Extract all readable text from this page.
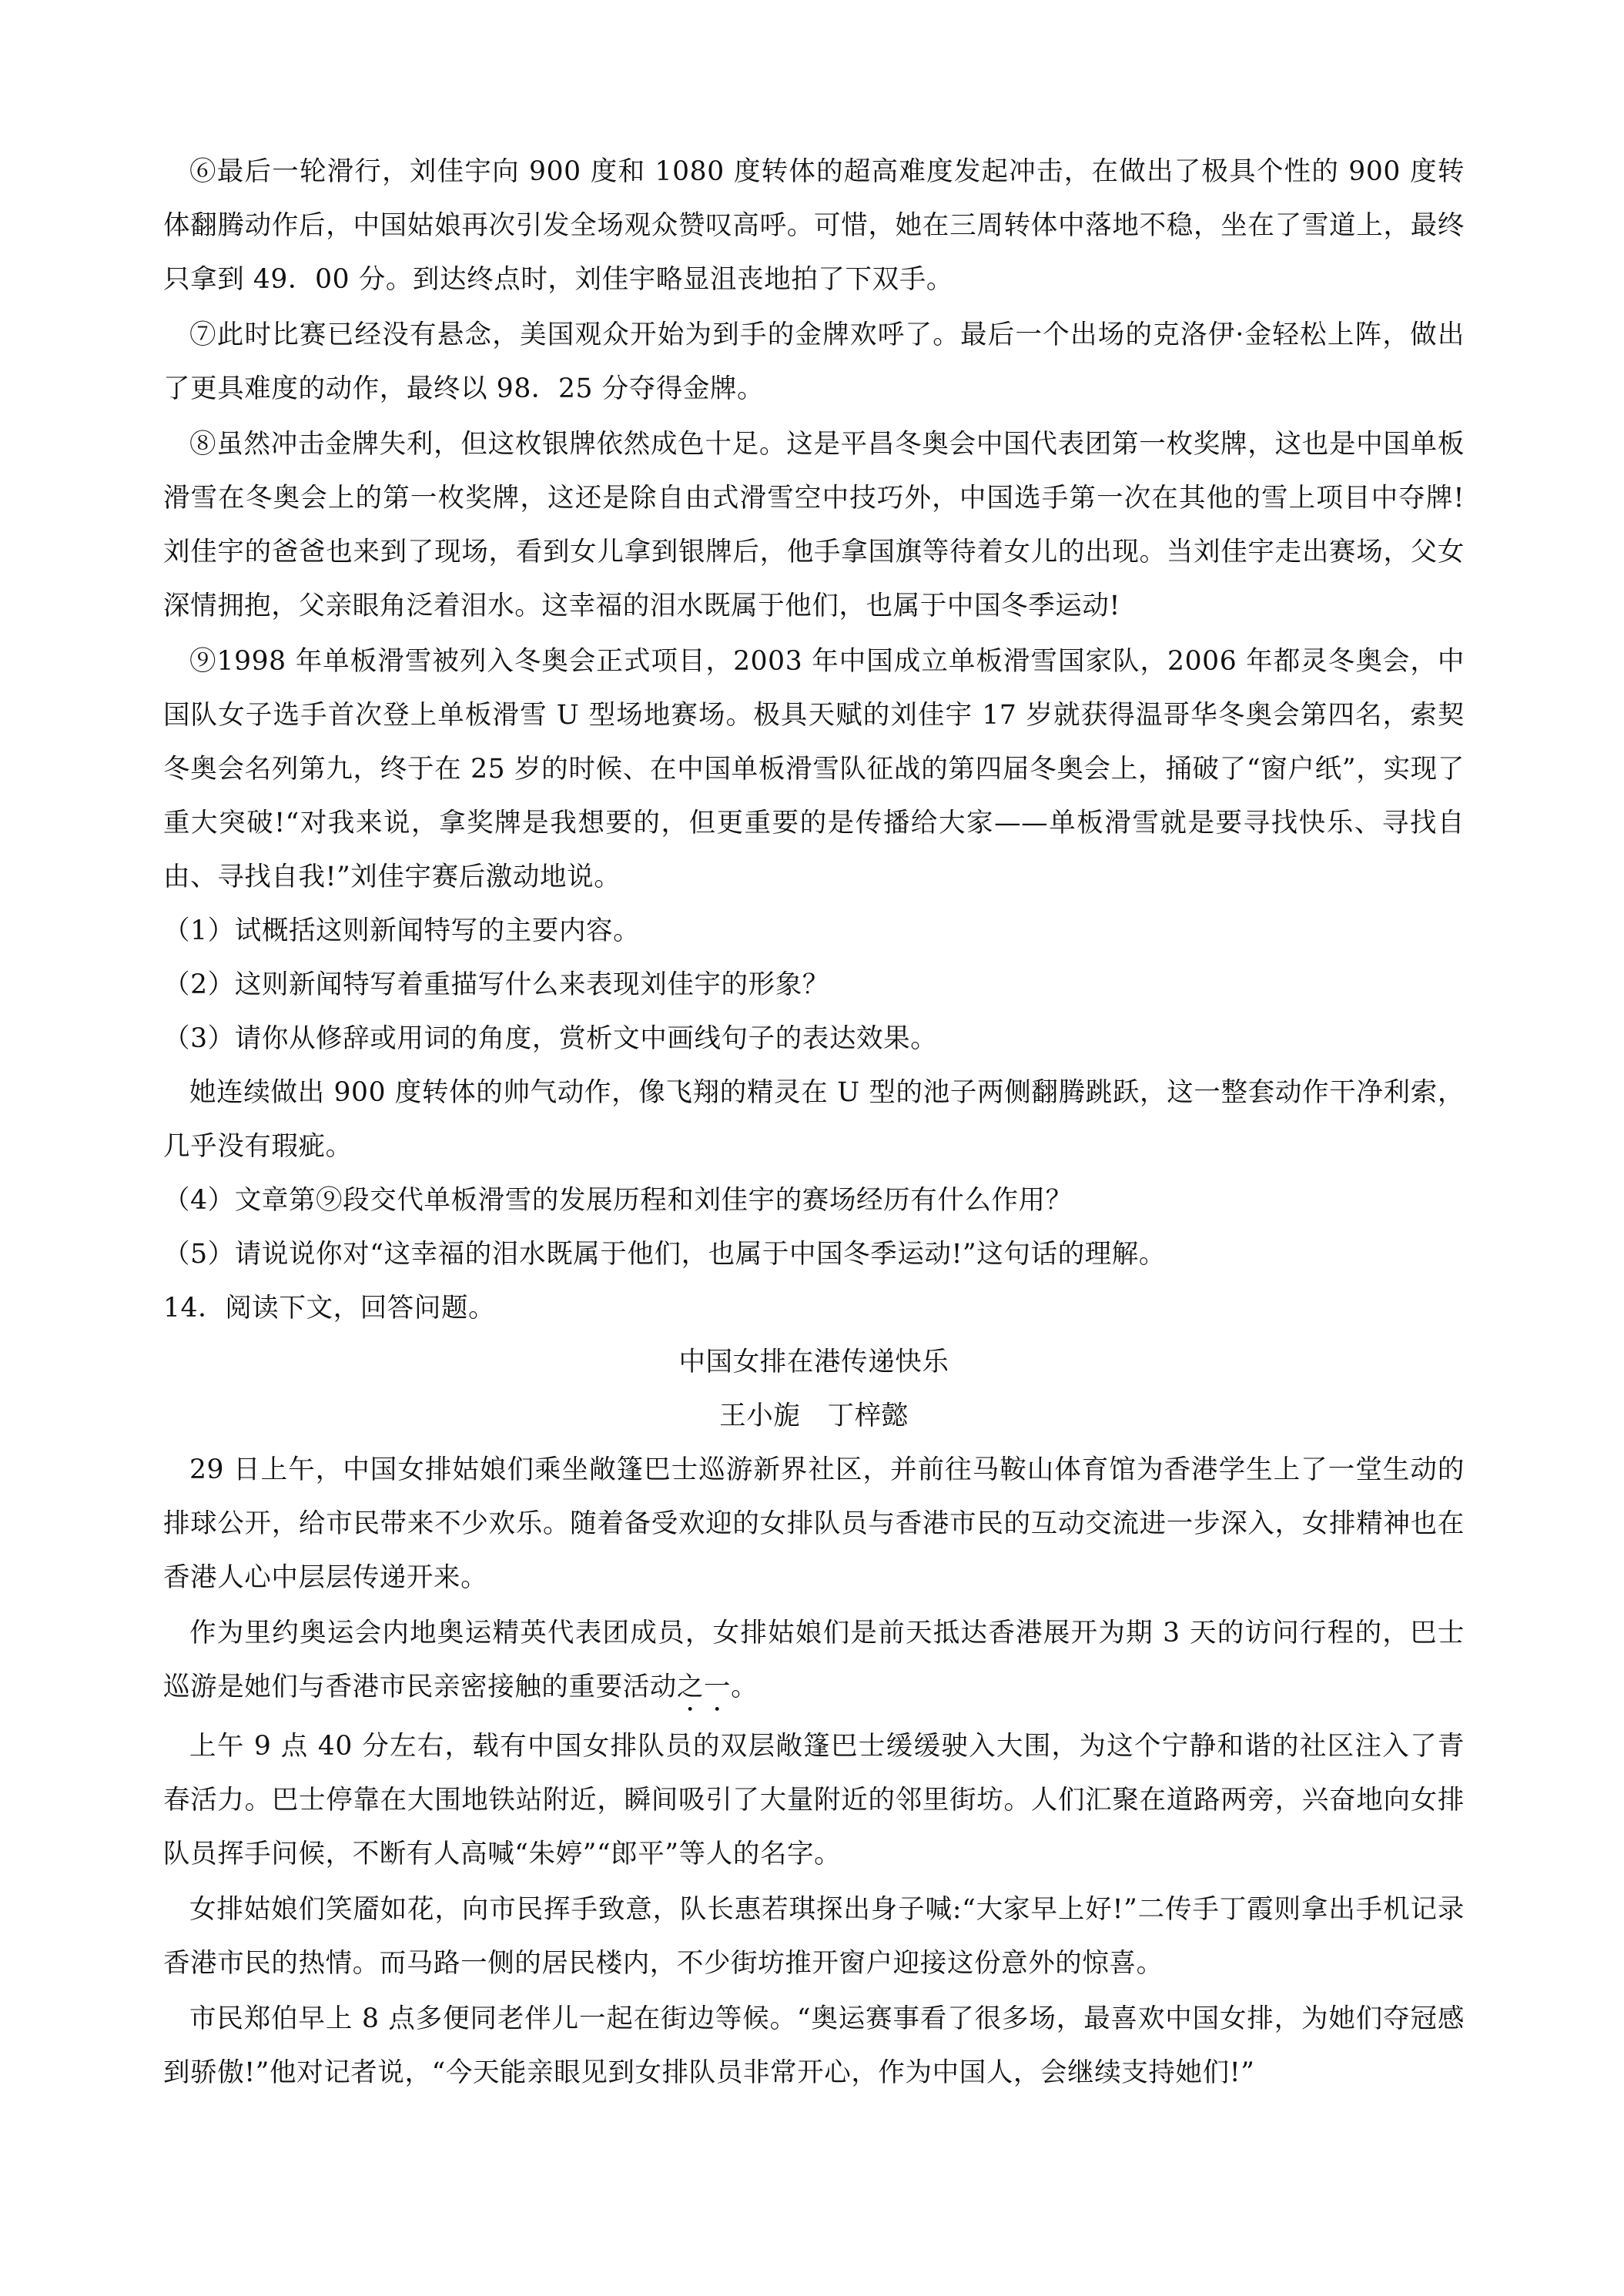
⑥最后一轮滑行，刘佳宇向 900 度和 1080 度转体的超高难度发起冲击，在做出了极具个性的 900 度转体翻腾动作后，中国姑娘再次引发全场观众赞叹高呼。可惜，她在三周转体中落地不稳，坐在了雪道上，最终只拿到 49．00 分。到达终点时，刘佳宇略显沮丧地拍了下双手。

⑦此时比赛已经没有悬念，美国观众开始为到手的金牌欢呼了。最后一个出场的克洛伊·金轻松上阵，做出了更具难度的动作，最终以 98．25 分夺得金牌。

⑧虽然冲击金牌失利，但这枚银牌依然成色十足。这是平昌冬奥会中国代表团第一枚奖牌，这也是中国单板滑雪在冬奥会上的第一枚奖牌，这还是除自由式滑雪空中技巧外，中国选手第一次在其他的雪上项目中夺牌!刘佳宇的爸爸也来到了现场，看到女儿拿到银牌后，他手拿国旗等待着女儿的出现。当刘佳宇走出赛场，父女深情拥抱，父亲眼角泛着泪水。这幸福的泪水既属于他们，也属于中国冬季运动!

⑨1998 年单板滑雪被列入冬奥会正式项目，2003 年中国成立单板滑雪国家队，2006 年都灵冬奥会，中国队女子选手首次登上单板滑雪 U 型场地赛场。极具天赋的刘佳宇 17 岁就获得温哥华冬奥会第四名，索契冬奥会名列第九，终于在 25 岁的时候、在中国单板滑雪队征战的第四届冬奥会上，捅破了“窗户纸”，实现了重大突破!“对我来说，拿奖牌是我想要的，但更重要的是传播给大家——单板滑雪就是要寻找快乐、寻找自由、寻找自我!”刘佳宇赛后激动地说。

（1）试概括这则新闻特写的主要内容。

（2）这则新闻特写着重描写什么来表现刘佳宇的形象？

（3）请你从修辞或用词的角度，赏析文中画线句子的表达效果。

她连续做出 900 度转体的帅气动作，像飞翔的精灵在 U 型的池子两侧翻腾跳跃，这一整套动作干净利索，几乎没有瑕疵。

（4）文章第⑨段交代单板滑雪的发展历程和刘佳宇的赛场经历有什么作用？

（5）请说说你对“这幸福的泪水既属于他们，也属于中国冬季运动!”这句话的理解。

14．阅读下文，回答问题。

中国女排在港传递快乐

王小旎　丁梓懿

29 日上午，中国女排姑娘们乘坐敞篷巴士巡游新界社区，并前往马鞍山体育馆为香港学生上了一堂生动的排球公开，给市民带来不少欢乐。随着备受欢迎的女排队员与香港市民的互动交流进一步深入，女排精神也在香港人心中层层传递开来。

作为里约奥运会内地奥运精英代表团成员，女排姑娘们是前天抵达香港展开为期 3 天的访问行程的，巴士巡游是她们与香港市民亲密接触的重要活动之一。

上午 9 点 40 分左右，载有中国女排队员的双层敞篷巴士缓缓驶入大围，为这个宁静和谐的社区注入了青春活力。巴士停靠在大围地铁站附近，瞬间吸引了大量附近的邻里街坊。人们汇聚在道路两旁，兴奋地向女排队员挥手问候，不断有人高喊“朱婷”“郎平”等人的名字。

女排姑娘们笑靥如花，向市民挥手致意，队长惠若琪探出身子喊:“大家早上好!”二传手丁霞则拿出手机记录香港市民的热情。而马路一侧的居民楼内，不少街坊推开窗户迎接这份意外的惊喜。

市民郑伯早上 8 点多便同老伴儿一起在街边等候。“奥运赛事看了很多场，最喜欢中国女排，为她们夺冠感到骄傲!”他对记者说，“今天能亲眼见到女排队员非常开心，作为中国人，会继续支持她们!”
